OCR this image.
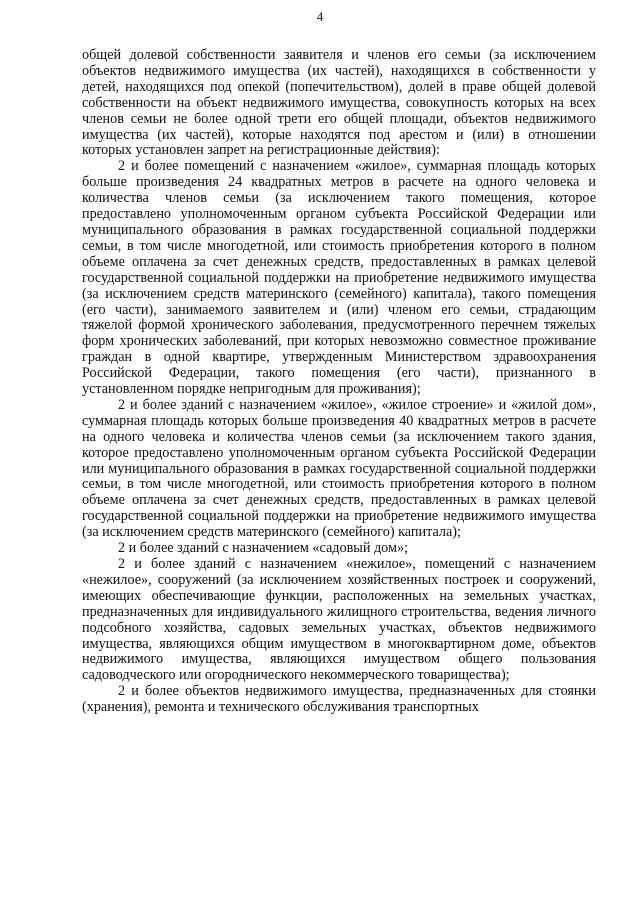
4

общей долевой собственности заявителя и членов его семьи (за исключением объектов недвижимого имущества (их частей), находящихся в собственности у детей, находящихся под опекой (попечительством), долей в праве общей долевой собственности на объект недвижимого имущества, совокупность которых на всех членов семьи не более одной трети его общей площади, объектов недвижимого имущества (их частей), которые находятся под арестом и (или) в отношении которых установлен запрет на регистрационные действия):

2 и более помещений с назначением «жилое», суммарная площадь которых больше произведения 24 квадратных метров в расчете на одного человека и количества членов семьи (за исключением такого помещения, которое предоставлено уполномоченным органом субъекта Российской Федерации или муниципального образования в рамках государственной социальной поддержки семьи, в том числе многодетной, или стоимость приобретения которого в полном объеме оплачена за счет денежных средств, предоставленных в рамках целевой государственной социальной поддержки на приобретение недвижимого имущества (за исключением средств материнского (семейного) капитала), такого помещения (его части), занимаемого заявителем и (или) членом его семьи, страдающим тяжелой формой хронического заболевания, предусмотренного перечнем тяжелых форм хронических заболеваний, при которых невозможно совместное проживание граждан в одной квартире, утвержденным Министерством здравоохранения Российской Федерации, такого помещения (его части), признанного в установленном порядке непригодным для проживания);

2 и более зданий с назначением «жилое», «жилое строение» и «жилой дом», суммарная площадь которых больше произведения 40 квадратных метров в расчете на одного человека и количества членов семьи (за исключением такого здания, которое предоставлено уполномоченным органом субъекта Российской Федерации или муниципального образования в рамках государственной социальной поддержки семьи, в том числе многодетной, или стоимость приобретения которого в полном объеме оплачена за счет денежных средств, предоставленных в рамках целевой государственной социальной поддержки на приобретение недвижимого имущества (за исключением средств материнского (семейного) капитала);

2 и более зданий с назначением «садовый дом»;

2 и более зданий с назначением «нежилое», помещений с назначением «нежилое», сооружений (за исключением хозяйственных построек и сооружений, имеющих обеспечивающие функции, расположенных на земельных участках, предназначенных для индивидуального жилищного строительства, ведения личного подсобного хозяйства, садовых земельных участках, объектов недвижимого имущества, являющихся общим имуществом в многоквартирном доме, объектов недвижимого имущества, являющихся имуществом общего пользования садоводческого или огороднического некоммерческого товарищества);

2 и более объектов недвижимого имущества, предназначенных для стоянки (хранения), ремонта и технического обслуживания транспортных
